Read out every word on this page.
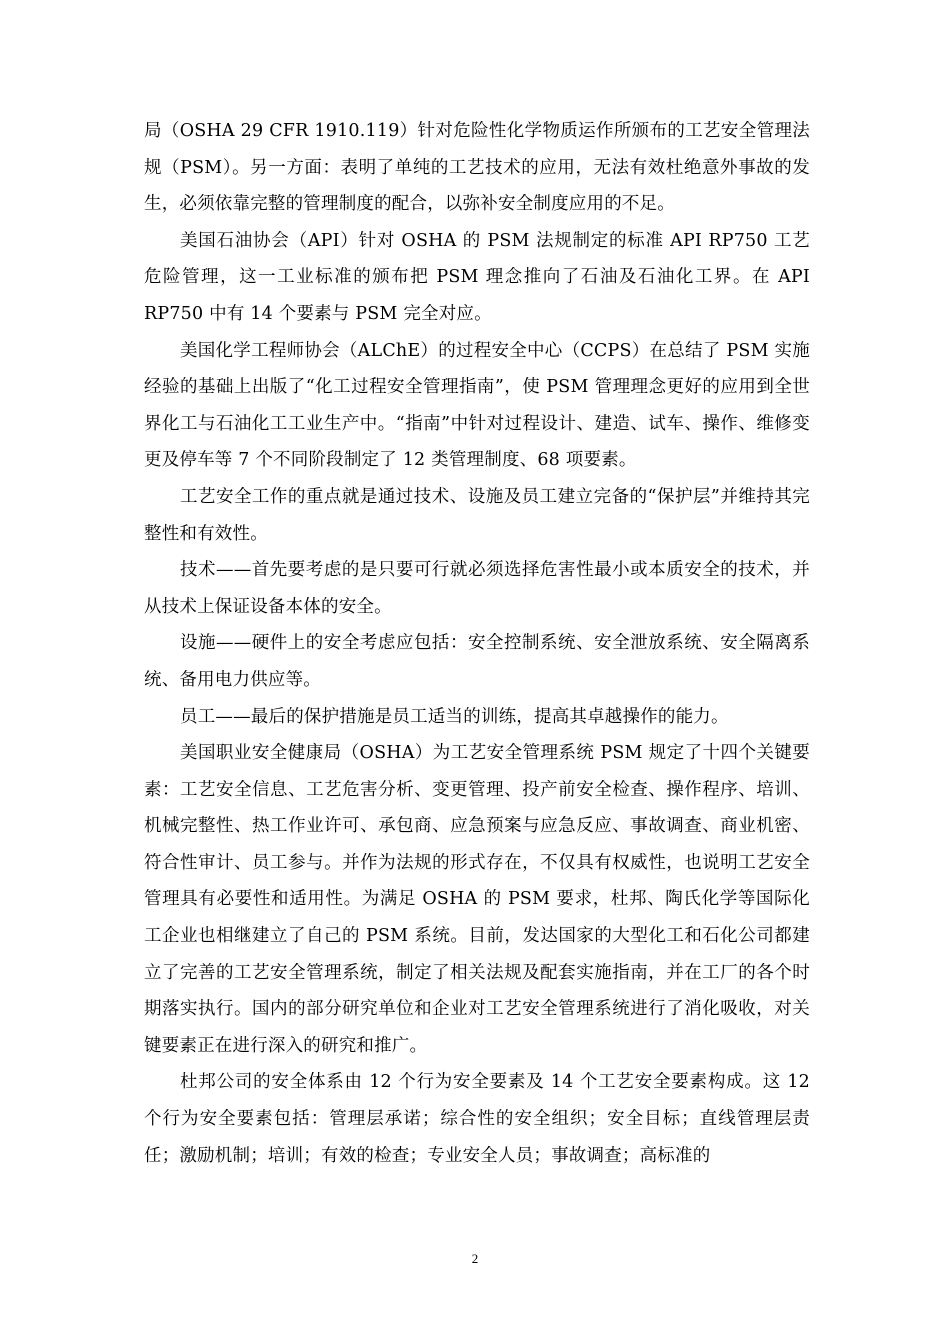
局（OSHA 29 CFR 1910.119）针对危险性化学物质运作所颁布的工艺安全管理法规（PSM）。另一方面：表明了单纯的工艺技术的应用，无法有效杜绝意外事故的发生，必须依靠完整的管理制度的配合，以弥补安全制度应用的不足。

美国石油协会（API）针对 OSHA 的 PSM 法规制定的标准 API RP750 工艺危险管理，这一工业标准的颁布把 PSM 理念推向了石油及石油化工界。在 API RP750 中有 14 个要素与 PSM 完全对应。

美国化学工程师协会（ALChE）的过程安全中心（CCPS）在总结了 PSM 实施经验的基础上出版了“化工过程安全管理指南”，使 PSM 管理理念更好的应用到全世界化工与石油化工工业生产中。“指南”中针对过程设计、建造、试车、操作、维修变更及停车等 7 个不同阶段制定了 12 类管理制度、68 项要素。

工艺安全工作的重点就是通过技术、设施及员工建立完备的“保护层”并维持其完整性和有效性。

技术——首先要考虑的是只要可行就必须选择危害性最小或本质安全的技术，并从技术上保证设备本体的安全。

设施——硬件上的安全考虑应包括：安全控制系统、安全泄放系统、安全隔离系统、备用电力供应等。

员工——最后的保护措施是员工适当的训练，提高其卓越操作的能力。

美国职业安全健康局（OSHA）为工艺安全管理系统 PSM 规定了十四个关键要素：工艺安全信息、工艺危害分析、变更管理、投产前安全检查、操作程序、培训、机械完整性、热工作业许可、承包商、应急预案与应急反应、事故调查、商业机密、符合性审计、员工参与。并作为法规的形式存在，不仅具有权威性，也说明工艺安全管理具有必要性和适用性。为满足 OSHA 的 PSM 要求，杜邦、陶氏化学等国际化工企业也相继建立了自己的 PSM 系统。目前，发达国家的大型化工和石化公司都建立了完善的工艺安全管理系统，制定了相关法规及配套实施指南，并在工厂的各个时期落实执行。国内的部分研究单位和企业对工艺安全管理系统进行了消化吸收，对关键要素正在进行深入的研究和推广。

杜邦公司的安全体系由 12 个行为安全要素及 14 个工艺安全要素构成。这 12 个行为安全要素包括：管理层承诺；综合性的安全组织；安全目标；直线管理层责任；激励机制；培训；有效的检查；专业安全人员；事故调查；高标准的

2
